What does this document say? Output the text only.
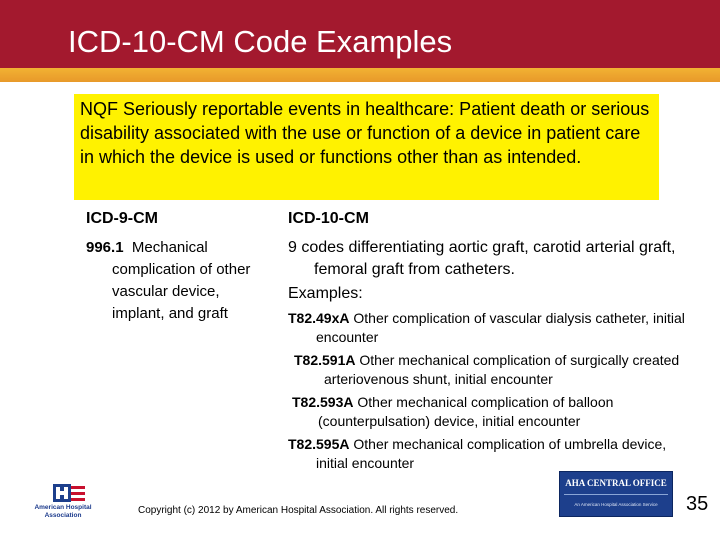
ICD-10-CM Code Examples
NQF Seriously reportable events in healthcare: Patient death or serious disability associated with the use or function of a device in patient care in which the device is used or functions other than as intended.
ICD-9-CM
996.1 Mechanical complication of other vascular device, implant, and graft
ICD-10-CM
9 codes differentiating aortic graft, carotid arterial graft, femoral graft from catheters.
Examples:
T82.49xA Other complication of vascular dialysis catheter, initial encounter
T82.591A Other mechanical complication of surgically created arteriovenous shunt, initial encounter
T82.593A Other mechanical complication of balloon (counterpulsation) device, initial encounter
T82.595A Other mechanical complication of umbrella device, initial encounter
American Hospital Association	Copyright (c) 2012 by American Hospital Association. All rights reserved.
AHA CENTRAL OFFICE
An American Hospital Association Service	35
